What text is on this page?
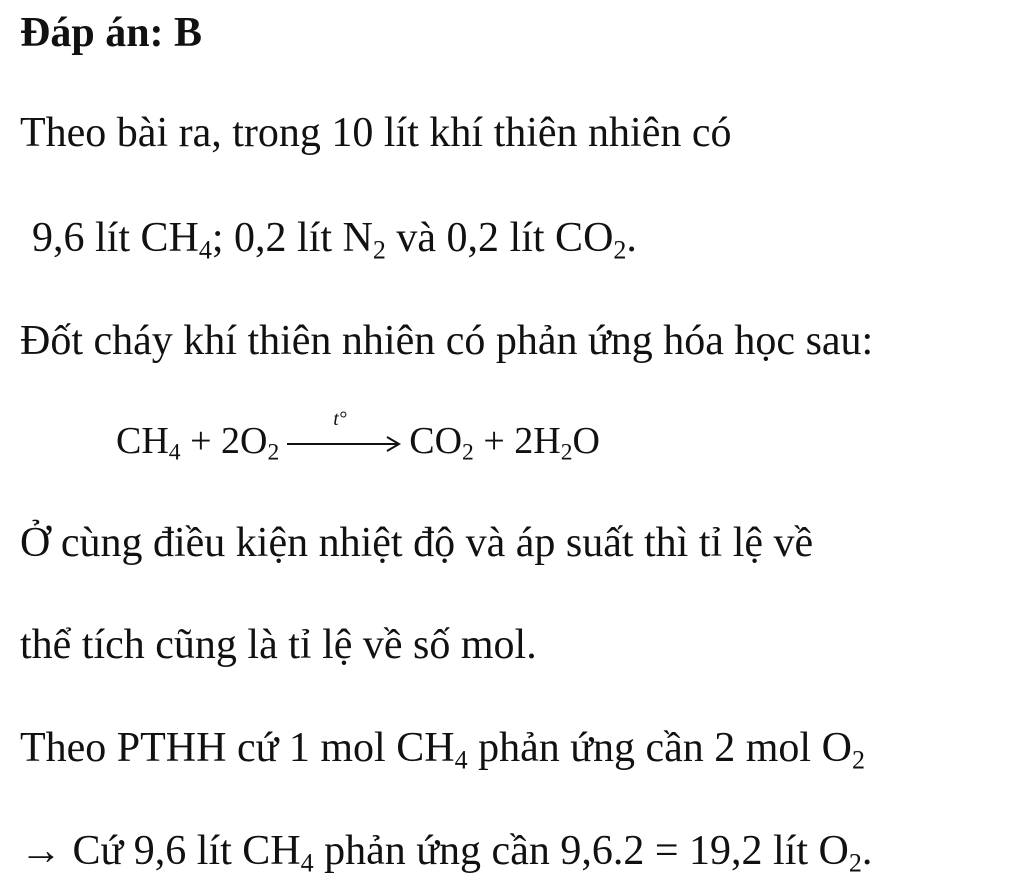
Đáp án: B
Theo bài ra, trong 10 lít khí thiên nhiên có
9,6 lít $CH_4$; 0,2 lít $N_2$ và 0,2 lít $CO_2$.
Đốt cháy khí thiên nhiên có phản ứng hóa học sau:
$CH_4 + 2O_2$
t°
$CO_2 + 2H_2O$
Ở cùng điều kiện nhiệt độ và áp suất thì tỉ lệ về
thể tích cũng là tỉ lệ về số mol.
Theo PTHH cứ 1 mol $CH_4$ phản ứng cần 2 mol $O_2$
→ Cứ 9,6 lít $CH_4$ phản ứng cần 9,6.2 = 19,2 lít $O_2$.
